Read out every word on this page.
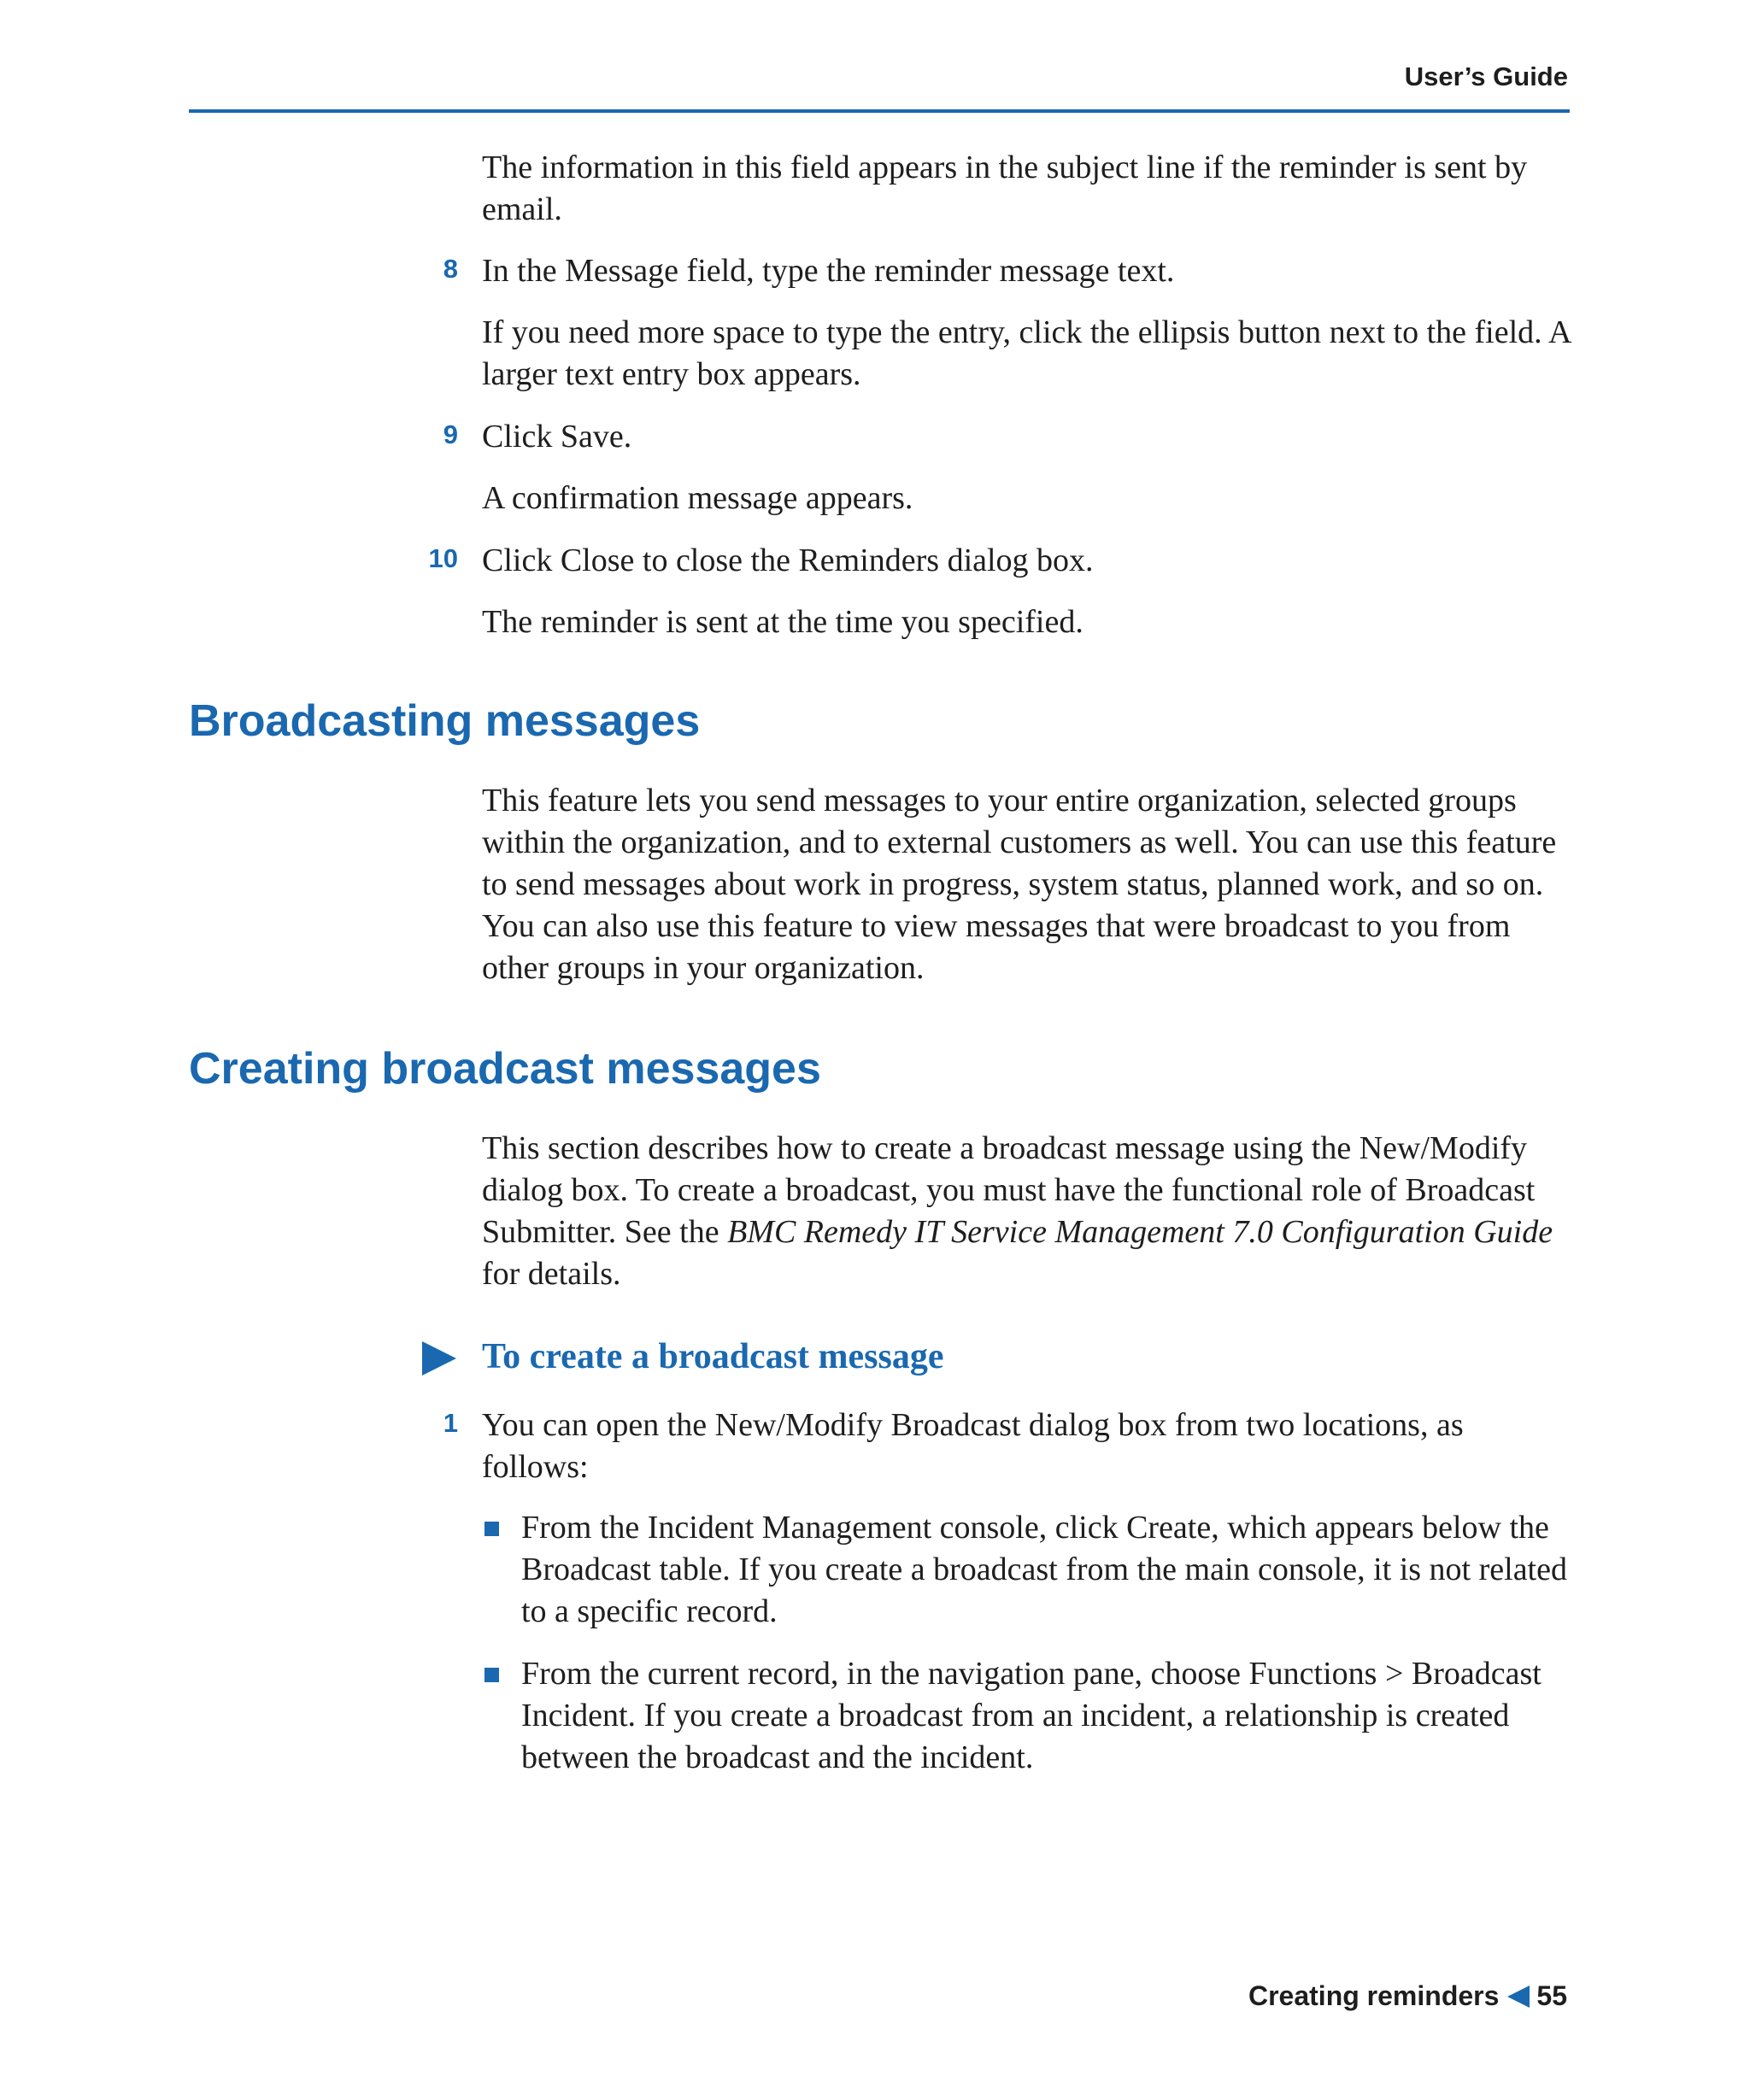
User’s Guide

The information in this field appears in the subject line if the reminder is sent by email.

8 In the Message field, type the reminder message text.

If you need more space to type the entry, click the ellipsis button next to the field. A larger text entry box appears.

9 Click Save.

A confirmation message appears.

10 Click Close to close the Reminders dialog box.

The reminder is sent at the time you specified.

Broadcasting messages

This feature lets you send messages to your entire organization, selected groups within the organization, and to external customers as well. You can use this feature to send messages about work in progress, system status, planned work, and so on. You can also use this feature to view messages that were broadcast to you from other groups in your organization.

Creating broadcast messages

This section describes how to create a broadcast message using the New/Modify dialog box. To create a broadcast, you must have the functional role of Broadcast Submitter. See the BMC Remedy IT Service Management 7.0 Configuration Guide for details.

To create a broadcast message
1 You can open the New/Modify Broadcast dialog box from two locations, as follows:

From the Incident Management console, click Create, which appears below the Broadcast table. If you create a broadcast from the main console, it is not related to a specific record.

From the current record, in the navigation pane, choose Functions > Broadcast Incident. If you create a broadcast from an incident, a relationship is created between the broadcast and the incident.

Creating reminders 55
